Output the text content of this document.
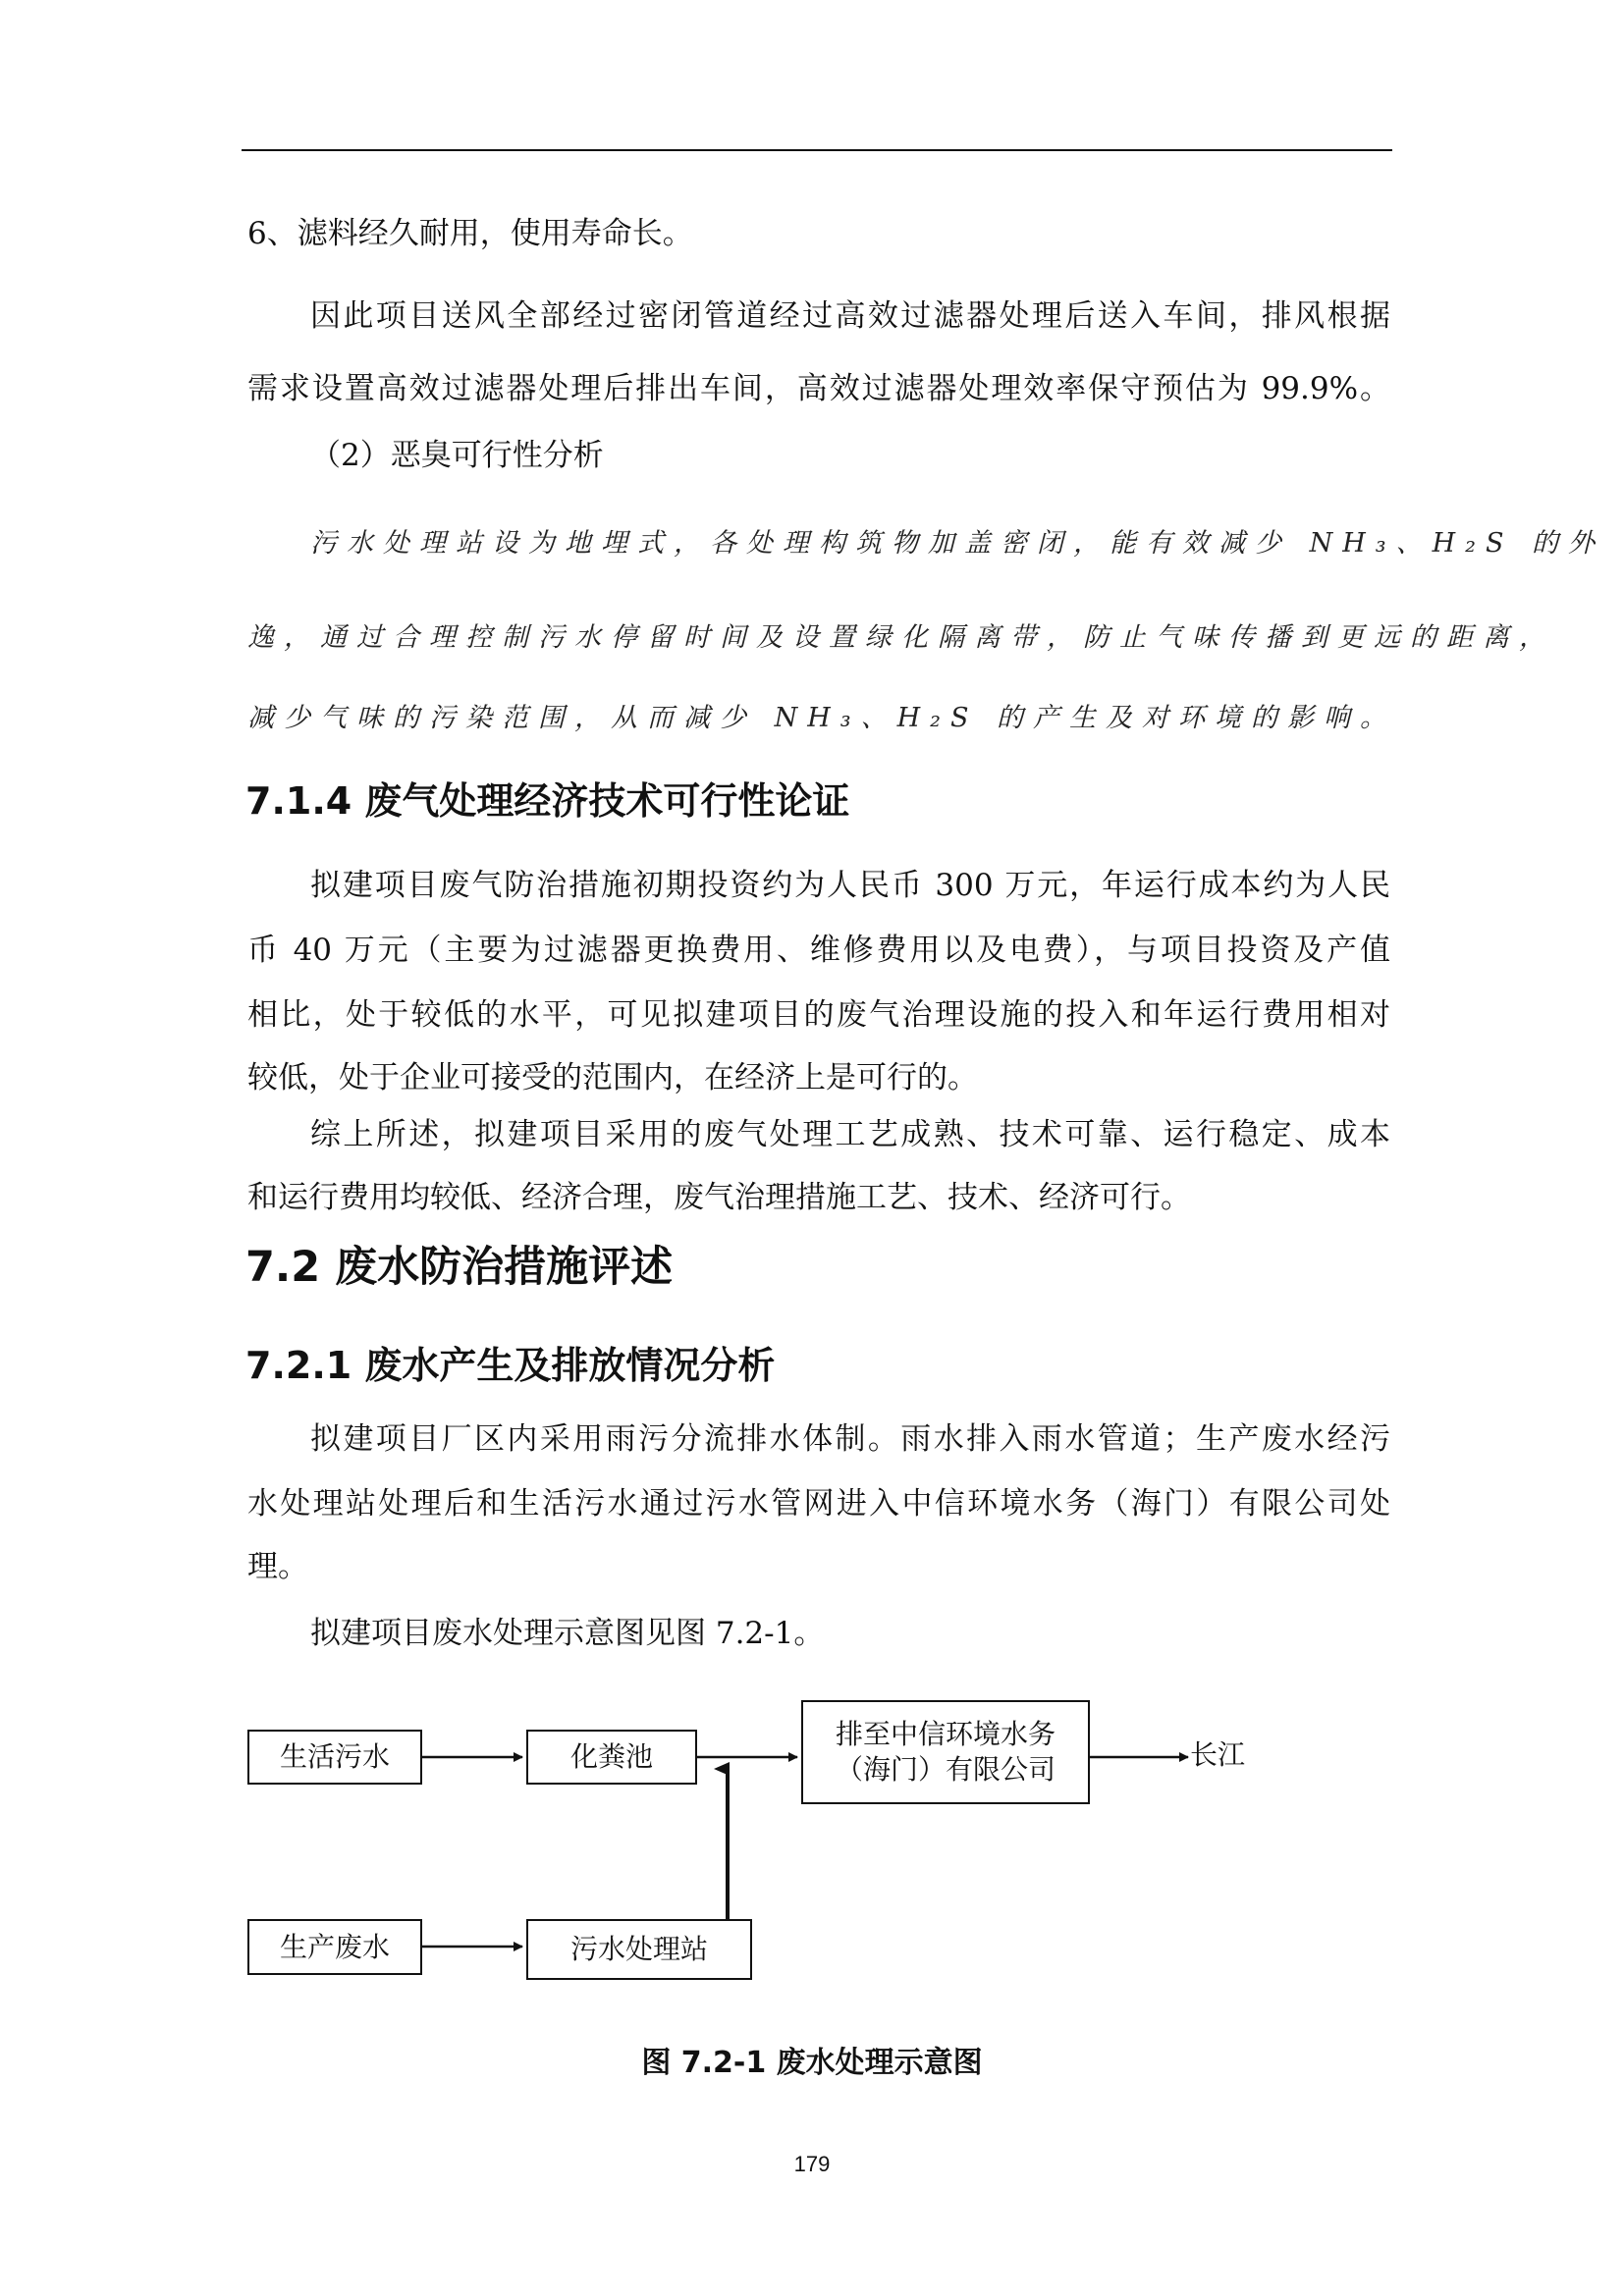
6、滤料经久耐用，使用寿命长。
因此项目送风全部经过密闭管道经过高效过滤器处理后送入车间，排风根据
需求设置高效过滤器处理后排出车间，高效过滤器处理效率保守预估为 99.9%。
（2）恶臭可行性分析
污水处理站设为地埋式，各处理构筑物加盖密闭，能有效减少 NH₃、H₂S 的外
逸，通过合理控制污水停留时间及设置绿化隔离带，防止气味传播到更远的距离，
减少气味的污染范围，从而减少 NH₃、H₂S 的产生及对环境的影响。
7.1.4 废气处理经济技术可行性论证
拟建项目废气防治措施初期投资约为人民币 300 万元，年运行成本约为人民
币 40 万元（主要为过滤器更换费用、维修费用以及电费），与项目投资及产值
相比，处于较低的水平，可见拟建项目的废气治理设施的投入和年运行费用相对
较低，处于企业可接受的范围内，在经济上是可行的。
综上所述，拟建项目采用的废气处理工艺成熟、技术可靠、运行稳定、成本
和运行费用均较低、经济合理，废气治理措施工艺、技术、经济可行。
7.2 废水防治措施评述
7.2.1 废水产生及排放情况分析
拟建项目厂区内采用雨污分流排水体制。雨水排入雨水管道；生产废水经污
水处理站处理后和生活污水通过污水管网进入中信环境水务（海门）有限公司处
理。
拟建项目废水处理示意图见图 7.2-1。
生活污水	化粪池
排至中信环境水务
（海门）有限公司	长江
生产废水	污水处理站
图 7.2-1 废水处理示意图
179
